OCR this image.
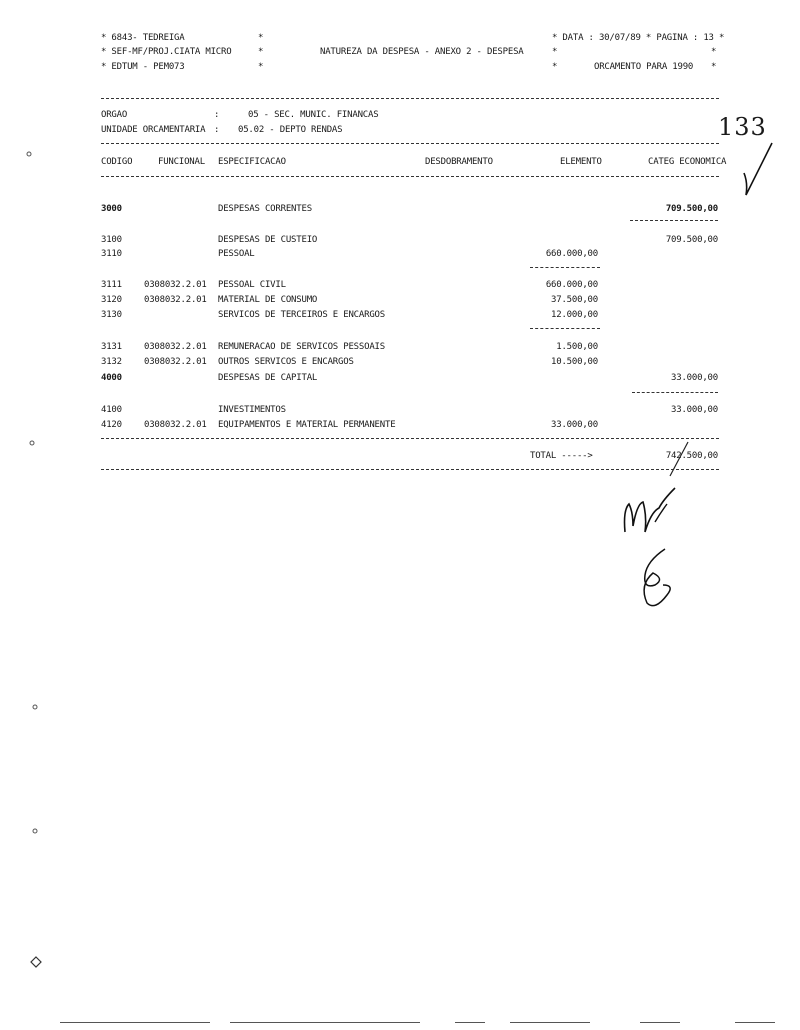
* 6843- TEDREIGA
* SEF-MF/PROJ.CIATA MICRO
* EDTUM - PEM073
*
*
*
NATUREZA DA DESPESA - ANEXO 2 - DESPESA
* DATA : 30/07/89 * PAGINA : 13 *
*	*
*	ORCAMENTO PARA 1990 *
ORGAO	:	05 - SEC. MUNIC. FINANCAS
UNIDADE ORCAMENTARIA : 05.02 - DEPTO RENDAS
CODIGO	FUNCIONAL ESPECIFICACAO	DESDOBRAMENTO	ELEMENTO	CATEG ECONOMICA
3000	DESPESAS CORRENTES	709.500,00
3100	DESPESAS DE CUSTEIO	709.500,00
3110	PESSOAL	660.000,00
3111 0308032.2.01 PESSOAL CIVIL	660.000,00
3120 0308032.2.01 MATERIAL DE CONSUMO	37.500,00
3130	SERVICOS DE TERCEIROS E ENCARGOS	12.000,00
3131 0308032.2.01 REMUNERACAO DE SERVICOS PESSOAIS	1.500,00
3132 0308032.2.01 OUTROS SERVICOS E ENCARGOS	10.500,00
4000	DESPESAS DE CAPITAL	33.000,00
4100	INVESTIMENTOS	33.000,00
4120 0308032.2.01 EQUIPAMENTOS E MATERIAL PERMANENTE	33.000,00
TOTAL ----->	742.500,00
133
